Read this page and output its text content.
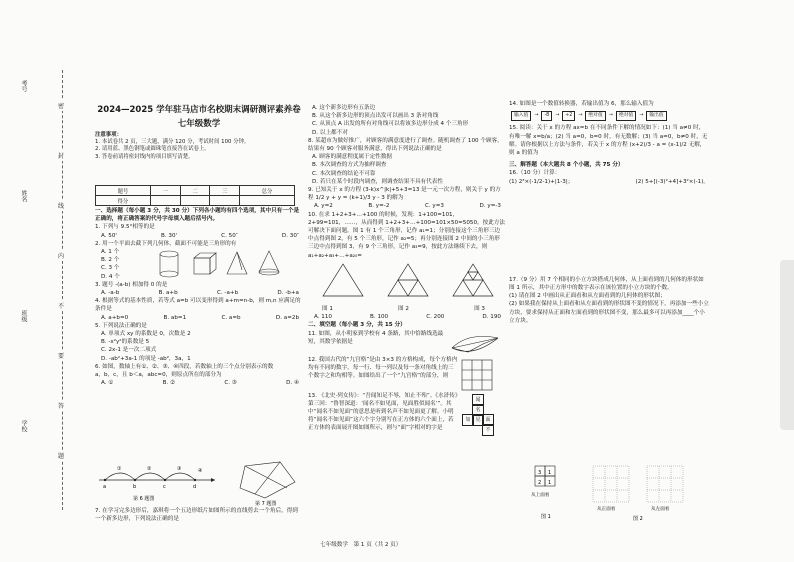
考号
姓名
班级
学校
密
封
线
内
不
要
答
题
2024—2025 学年驻马店市名校期末调研测评素养卷
七年级数学
注意事项：
1. 本试卷共 2 页，三大题，满分 120 分，考试时间 100 分钟。
2. 请用蓝、黑色钢笔或圆珠笔直接答在试卷上。
3. 答卷前请将密封线内的项目填写清楚。
题号	一	二	三	总分
得分				
一、选择题（每小题 3 分，共 30 分）下列各小题均有四个选项，其中只有一个是正确的，将正确答案的代号字母填入题后括号内。
1. 下列与 9.5°相等的是
A. 50'	B. 30'	C. 50″	D. 30″
2. 用一个平面去截下列几何体，截面不可能是三角形的有
A. 1 个
B. 2 个
C. 3 个
D. 4 个
3. 题号 -(a-b) 相加得 0 的是
A. -a-b	B. a+b	C. -a+b	D. -b+a
4. 根据等式的基本性质，若等式 a=b 可以变形得到 a+m=n-b，则 m,n 应满足的条件是
A. a+b=0	B. ab=1	C. a=b	D. a=2b
5. 下列说法正确的是
A. 单项式 xy 的系数是 0，次数是 2
B. -x²y²的系数是 5
C. 2x-1 是一次二项式
D. -ab²+3a-1 的项是 -ab²，3a，1
6. 如图，数轴上有①、②、③、④四段，若数轴上的三个点分别表示的数
a，b，c，且 b＜a，abc=0，则原点所在的部分为
A. ①	B. ②	C. ③	D. ④
①	②	③	④
a	b	c	d
第 6 题图
第 7 题图
7. 在学习完多边形后，嘉琪将一个五边形纸片如图所示的直线剪去一个角后，得到一个新多边形，下列说法正确的是
A. 这个新多边形有五条边
B. 从这个新多边形的顶点出发可以画出 3 条对角线
C. 从顶点 A 出发的所有对角线可以将该多边形分成 4 个三角形
D. 以上都不对
8. 某超市为做好推广，对顾客的满意度进行了调查。随机调查了 100 个顾客，结果有 90 个顾客对服务满意，得出下列说法正确的是
A. 顾客的满意程度属于定性数据
B. 本次调查的方式为抽样调查
C. 本次调查的结论不可靠
D. 若只在某个时段内调查，则调查结果不具有代表性
9. 已知关于 x 的方程 (3-k)x^|k|+5+3=13 是一元一次方程，则关于 y 的方程 1/2 y + y = (k+1)/3 y - 3 的解为
A. y=2	B. y=-2	C. y=3	D. y=-3
10. 在求 1+2+3+…+100 的时候，发现：1+100=101，2+99=101，……，从而得到 1+2+3+…+100=101×50=5050。按此方法可解决下面问题。图 1 有 1 个三角形，记作 a₁=1；分别连接这个三角形三边中点得到图 2，有 5 个三角形，记作 a₂=5；再分别连接图 2 中间的小三角形三边中点得到图 3，有 9 个三角形，记作 a₃=9，按此方法继续下去，则 a₁+a₂+a₃+…+a₂₀=
图 1	图 2	图 3
A. 110	B. 100	C. 200	D. 190
二、填空题（每小题 3 分，共 15 分）
11. 如图，从小明家到学校有 4 条路，其中恰路线选最短，其数学依据是
12. 我国古代的“九宫格”是由 3×3 的方格构成，每个方格内均有不同的数字，每一行、每一列以及每一条对角线上的三个数字之和均相等。如图给出了一个“九宫格”的部分，则
13. 《北史·列女传》：“吾闻知足不辱，知止不殆”。《水浒传》第三回：“鲁智深道：‘闻名不如见面，见面胜似闻名’”。其中“闻名不如见面”的意思是听到名声不如见面更了解。小明将“闻名不如见面”这六个字分别写在正方体的六个面上，若正方体的表面展开图如图所示，则与“面”字相对的字是
闻
名
如 见 面
不
14. 如图是一个数值转换器，若输出值为 6，那么输入值为
输入值	→	-8	→	÷2	→	绝对值	→	绝对值	→	输出值
15. 阅读：关于 x 的方程 ax=b 在不同条件下解的情况如下：(1) 当 a≠0 时，有唯一解 x=b/a；(2) 当 a=0，b=0 时，有无数解；(3) 当 a=0，b≠0 时，无解。请你根据以上方法与条件，若关于 x 的方程 (x+2)/3 - a = (x-1)/2 无解，则 a 的值为
三、解答题（本大题共 8 个小题，共 75 分）
16.（10 分）计算：
(1) 2³×(-1/2-1)+|1-3|；	(2) 5+[(-3)²+4]+3²×(-1)。
17.（9 分）用 7 个相同的小立方块搭成几何体，从上面看到的几何体的形状如图 1 所示，其中正方形中的数字表示在该位置的小立方块的个数。
(1) 请在图 2 中画出从正面看和从左面看到的几何体的形状图；
(2) 如果我在保持从上面看和从左面看到的形状图不变的情况下，再添加一些小立方块，要求保持从正面和左面看到的形状图不变，那么最多可以再添加____个小立方块。
3 1
2 1
从上面看
图 1
从正面看	从左面看
图 2
七年级数学　第 1 页（共 2 页）
